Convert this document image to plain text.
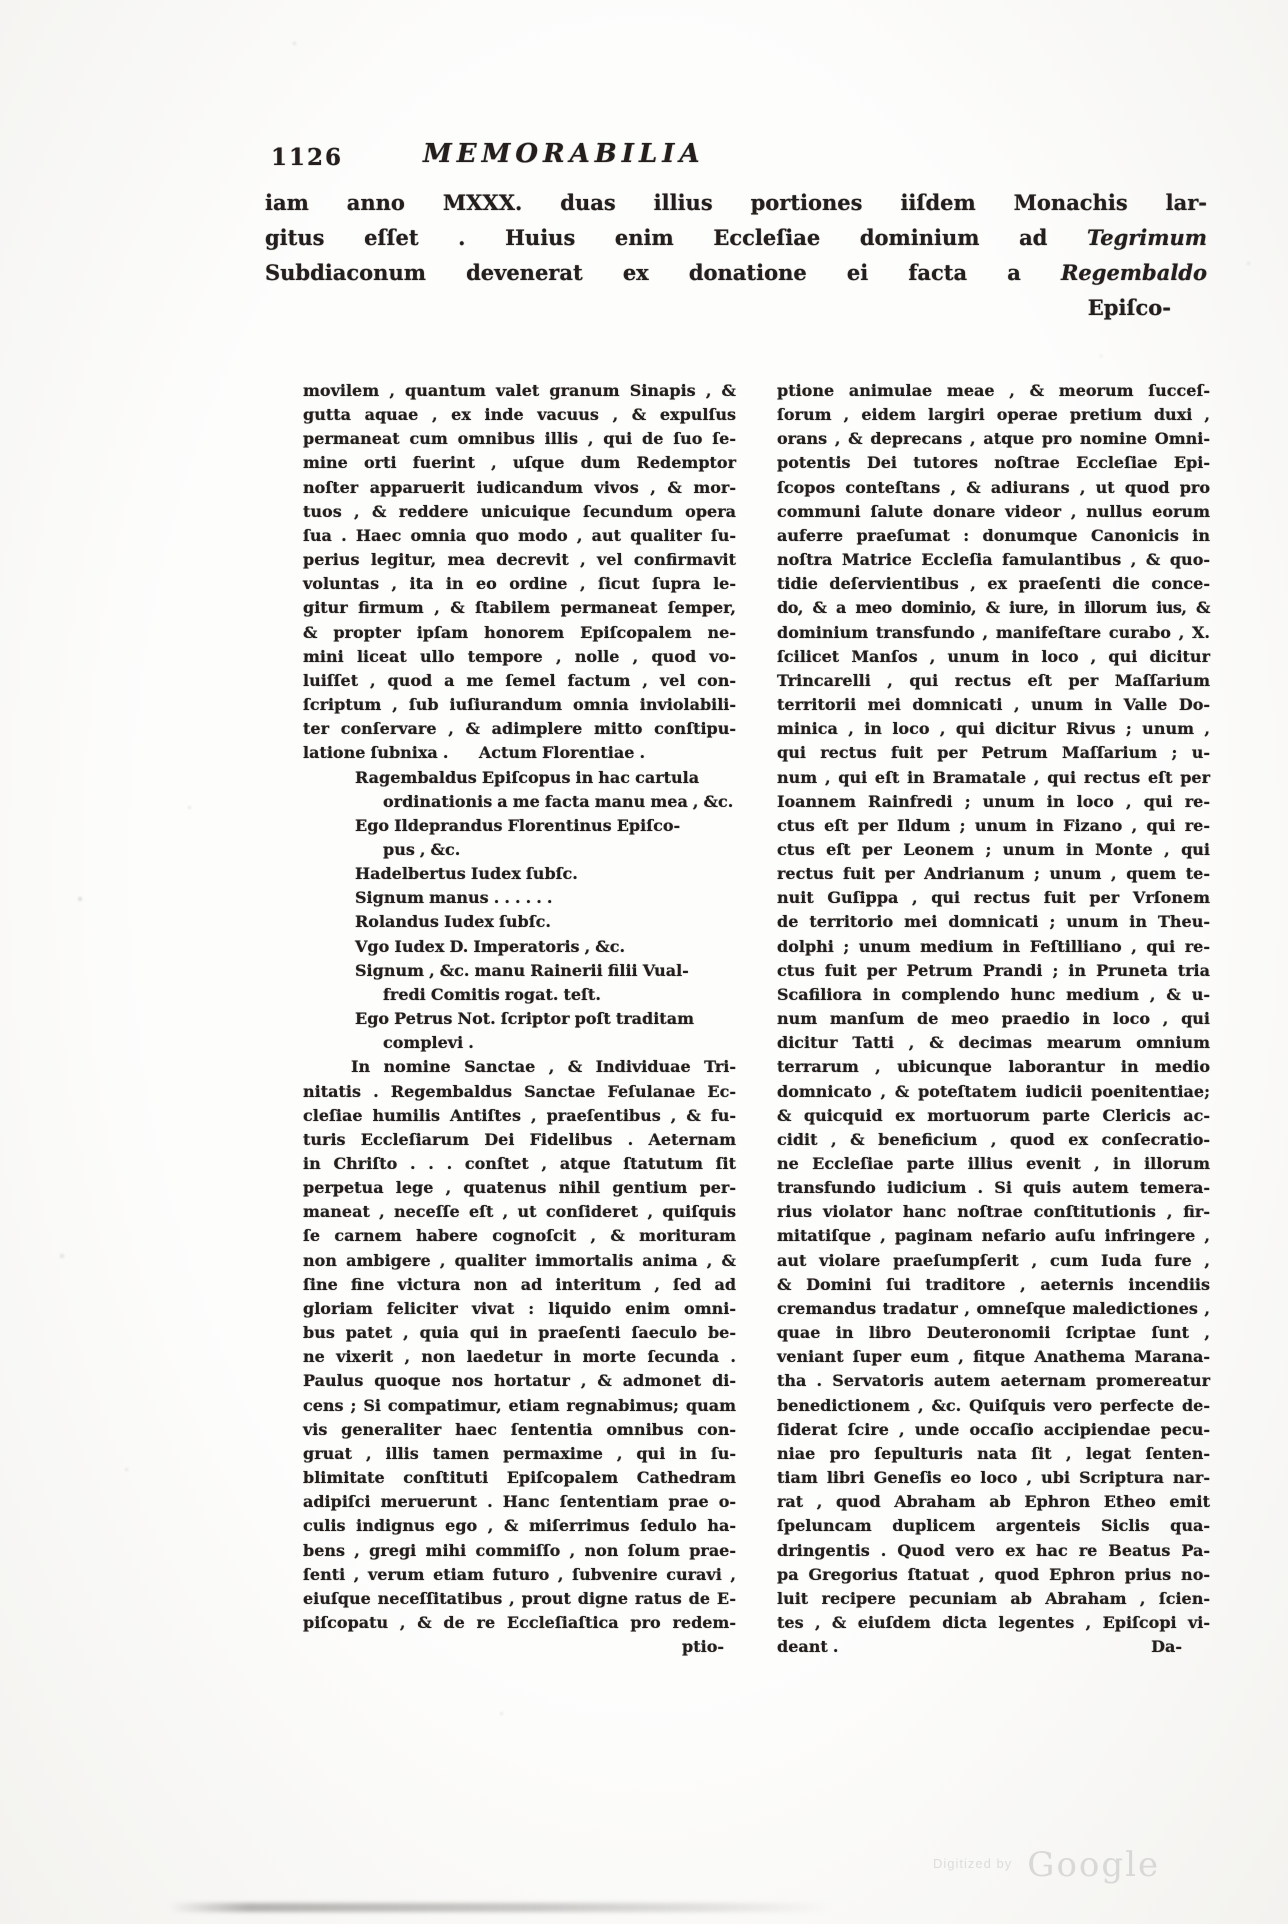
1126	MEMORABILIA
iam anno MXXX. duas illius portiones iiſdem Monachis lar-
gitus eſſet . Huius enim Eccleſiae dominium ad Tegrimum
Subdiaconum devenerat ex donatione ei facta a Regembaldo
Epiſco-
movilem , quantum valet granum Sinapis , &
gutta aquae , ex inde vacuus , & expulſus
permaneat cum omnibus illis , qui de ſuo ſe-
mine orti fuerint , uſque dum Redemptor
noſter apparuerit iudicandum vivos , & mor-
tuos , & reddere unicuique ſecundum opera
ſua . Haec omnia quo modo , aut qualiter ſu-
perius legitur, mea decrevit , vel confirmavit
voluntas , ita in eo ordine , ſicut ſupra le-
gitur firmum , & ſtabilem permaneat ſemper,
& propter ipſam honorem Epiſcopalem ne-
mini liceat ullo tempore , nolle , quod vo-
luiſſet , quod a me ſemel factum , vel con-
ſcriptum , ſub iuſiurandum omnia inviolabili-
ter conſervare , & adimplere mitto conſtipu-
latione ſubnixa .      Actum Florentiae .
Ragembaldus Epiſcopus in hac cartula
ordinationis a me facta manu mea , &c.
Ego Ildeprandus Florentinus Epiſco-
pus , &c.
Hadelbertus Iudex ſubſc.
Signum manus . . . . . .
Rolandus Iudex ſubſc.
Vgo Iudex D. Imperatoris , &c.
Signum , &c. manu Rainerii filii Vual-
fredi Comitis rogat. teſt.
Ego Petrus Not. ſcriptor poſt traditam
complevi .
In nomine Sanctae , & Individuae Tri-
nitatis . Regembaldus Sanctae Feſulanae Ec-
cleſiae humilis Antiſtes , praeſentibus , & fu-
turis Eccleſiarum Dei Fidelibus . Aeternam
in Chriſto . . . conſtet , atque ſtatutum ſit
perpetua lege , quatenus nihil gentium per-
maneat , neceſſe eſt , ut conſideret , quiſquis
ſe carnem habere cognoſcit , & morituram
non ambigere , qualiter immortalis anima , &
ſine fine victura non ad interitum , ſed ad
gloriam feliciter vivat : liquido enim omni-
bus patet , quia qui in praeſenti ſaeculo be-
ne vixerit , non laedetur in morte ſecunda .
Paulus quoque nos hortatur , & admonet di-
cens ; Si compatimur, etiam regnabimus; quam
vis generaliter haec ſententia omnibus con-
gruat , illis tamen permaxime , qui in ſu-
blimitate conſtituti Epiſcopalem Cathedram
adipiſci meruerunt . Hanc ſententiam prae o-
culis indignus ego , & miſerrimus ſedulo ha-
bens , gregi mihi commiſſo , non ſolum prae-
ſenti , verum etiam futuro , ſubvenire curavi ,
eiuſque neceſſitatibus , prout digne ratus de E-
piſcopatu , & de re Eccleſiaſtica pro redem-
ptio-
ptione animulae meae , & meorum ſucceſ-
ſorum , eidem largiri operae pretium duxi ,
orans , & deprecans , atque pro nomine Omni-
potentis Dei tutores noſtrae Eccleſiae Epi-
ſcopos conteſtans , & adiurans , ut quod pro
communi ſalute donare videor , nullus eorum
auferre praeſumat : donumque Canonicis in
noſtra Matrice Eccleſia famulantibus , & quo-
tidie deſervientibus , ex praeſenti die conce-
do, & a meo dominio, & iure, in illorum ius, &
dominium transfundo , manifeſtare curabo , X.
ſcilicet Manſos , unum in loco , qui dicitur
Trincarelli , qui rectus eſt per Maſſarium
territorii mei domnicati , unum in Valle Do-
minica , in loco , qui dicitur Rivus ; unum ,
qui rectus fuit per Petrum Maſſarium ; u-
num , qui eſt in Bramatale , qui rectus eſt per
Ioannem Rainfredi ; unum in loco , qui re-
ctus eſt per Ildum ; unum in Fizano , qui re-
ctus eſt per Leonem ; unum in Monte , qui
rectus fuit per Andrianum ; unum , quem te-
nuit Guſippa , qui rectus fuit per Vrſonem
de territorio mei domnicati ; unum in Theu-
dolphi ; unum medium in Feſtilliano , qui re-
ctus fuit per Petrum Prandi ; in Pruneta tria
Scafiliora in complendo hunc medium , & u-
num manſum de meo praedio in loco , qui
dicitur Tatti , & decimas mearum omnium
terrarum , ubicunque laborantur in medio
domnicato , & poteſtatem iudicii poenitentiae;
& quicquid ex mortuorum parte Clericis ac-
cidit , & beneficium , quod ex conſecratio-
ne Eccleſiae parte illius evenit , in illorum
transfundo iudicium . Si quis autem temera-
rius violator hanc noſtrae conſtitutionis , fir-
mitatiſque , paginam nefario auſu infringere ,
aut violare praeſumpſerit , cum Iuda fure ,
& Domini ſui traditore , aeternis incendiis
cremandus tradatur , omneſque maledictiones ,
quae in libro Deuteronomii ſcriptae ſunt ,
veniant ſuper eum , fitque Anathema Marana-
tha . Servatoris autem aeternam promereatur
benedictionem , &c. Quiſquis vero perfecte de-
ſiderat ſcire , unde occaſio accipiendae pecu-
niae pro ſepulturis nata ſit , legat ſenten-
tiam libri Geneſis eo loco , ubi Scriptura nar-
rat , quod Abraham ab Ephron Etheo emit
ſpeluncam duplicem argenteis Siclis qua-
dringentis . Quod vero ex hac re Beatus Pa-
pa Gregorius ſtatuat , quod Ephron prius no-
luit recipere pecuniam ab Abraham , ſcien-
tes , & eiuſdem dicta legentes , Epiſcopi vi-
deant .	Da-
$^{Digitized by}$ Google
